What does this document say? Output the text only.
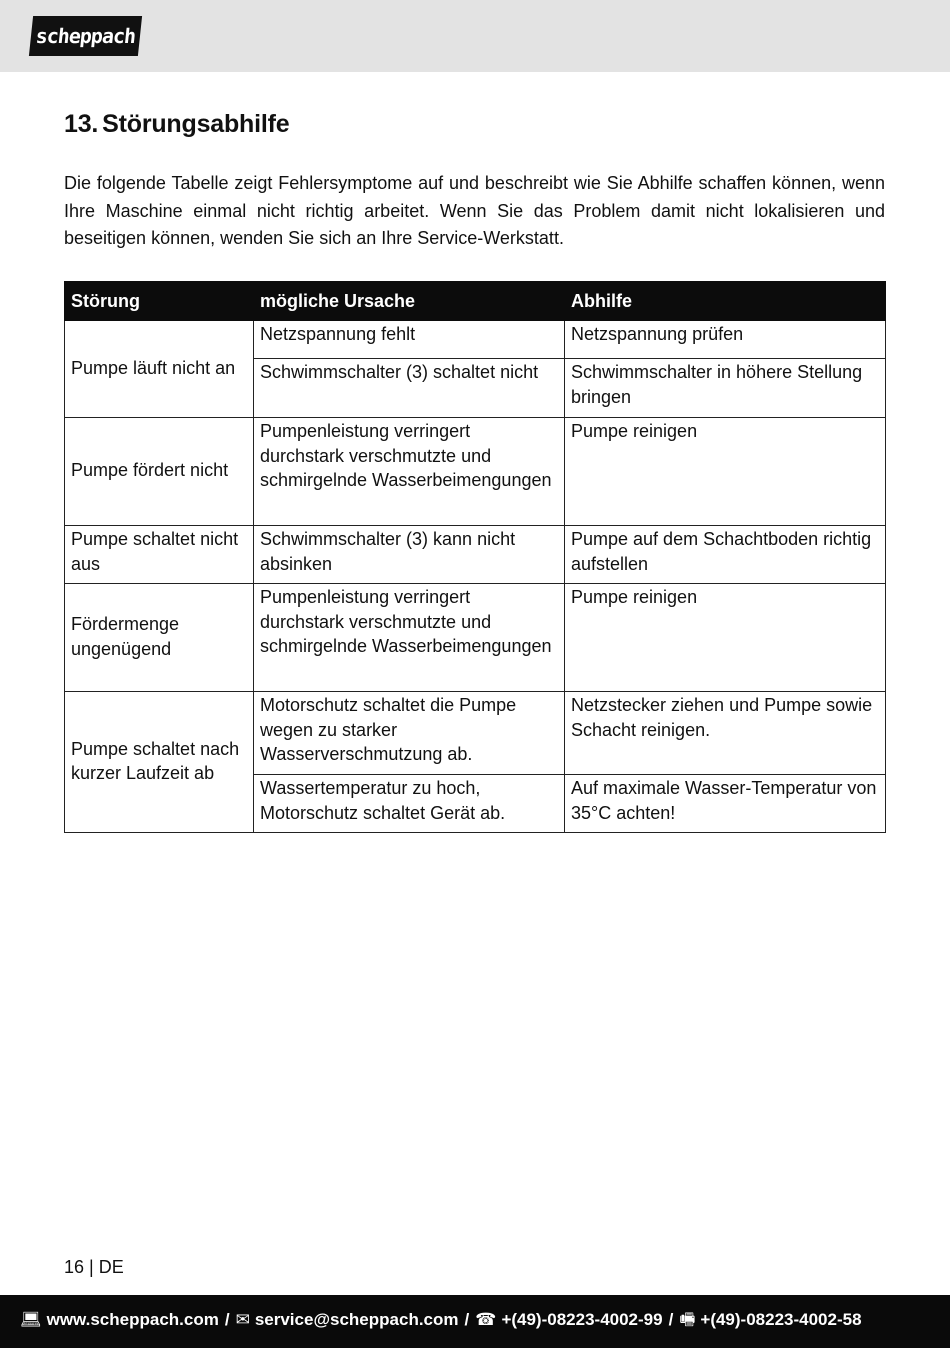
scheppach
13. Störungsabhilfe

Die folgende Tabelle zeigt Fehlersymptome auf und beschreibt wie Sie Abhilfe schaffen können, wenn Ihre Maschine einmal nicht richtig arbeitet. Wenn Sie das Problem damit nicht lokalisieren und beseitigen können, wenden Sie sich an Ihre Service-Werkstatt.

Störung	mögliche Ursache	Abhilfe
Pumpe läuft nicht an	Netzspannung fehlt	Netzspannung prüfen
	Schwimmschalter (3) schaltet nicht	Schwimmschalter in höhere Stellung bringen
Pumpe fördert nicht	Pumpenleistung verringert durchstark verschmutzte und schmirgelnde Wasserbeimengungen	Pumpe reinigen
Pumpe schaltet nicht aus	Schwimmschalter (3) kann nicht absinken	Pumpe auf dem Schachtboden richtig aufstellen
Fördermenge ungenügend	Pumpenleistung verringert durchstark verschmutzte und schmirgelnde Wasserbeimengungen	Pumpe reinigen
Pumpe schaltet nach kurzer Laufzeit ab	Motorschutz schaltet die Pumpe wegen zu starker Wasserverschmutzung ab.	Netzstecker ziehen und Pumpe sowie Schacht reinigen.
	Wassertemperatur zu hoch, Motorschutz schaltet Gerät ab.	Auf maximale Wasser-Temperatur von 35°C achten!
16 | DE
💻︎ www.scheppach.com / ✉︎ service@scheppach.com / ☎︎ +(49)-08223-4002-99 / 🖷︎ +(49)-08223-4002-58
